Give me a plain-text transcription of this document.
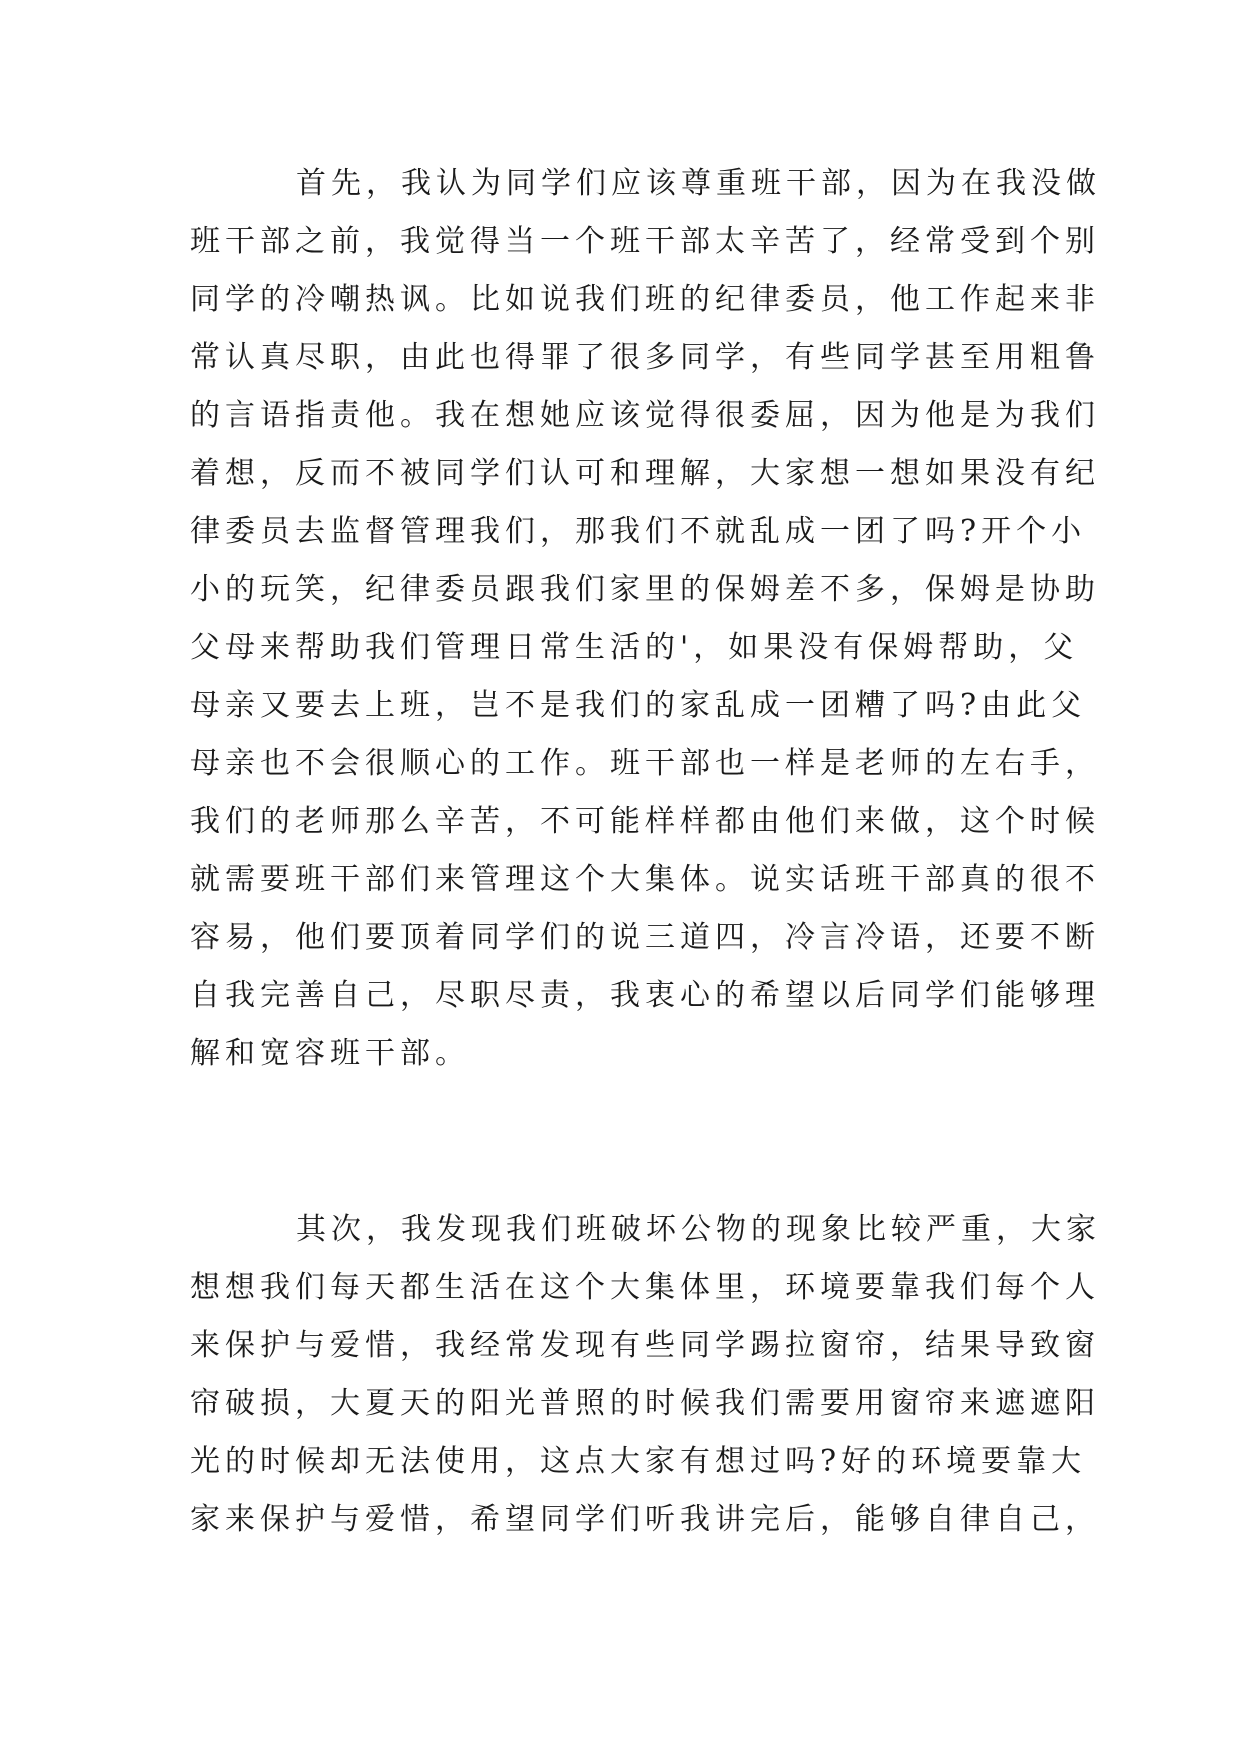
首先，我认为同学们应该尊重班干部，因为在我没做
班干部之前，我觉得当一个班干部太辛苦了，经常受到个别
同学的冷嘲热讽。比如说我们班的纪律委员，他工作起来非
常认真尽职，由此也得罪了很多同学，有些同学甚至用粗鲁
的言语指责他。我在想她应该觉得很委屈，因为他是为我们
着想，反而不被同学们认可和理解，大家想一想如果没有纪
律委员去监督管理我们，那我们不就乱成一团了吗?开个小
小的玩笑，纪律委员跟我们家里的保姆差不多，保姆是协助
父母来帮助我们管理日常生活的'，如果没有保姆帮助，父
母亲又要去上班，岂不是我们的家乱成一团糟了吗?由此父
母亲也不会很顺心的工作。班干部也一样是老师的左右手，
我们的老师那么辛苦，不可能样样都由他们来做，这个时候
就需要班干部们来管理这个大集体。说实话班干部真的很不
容易，他们要顶着同学们的说三道四，冷言冷语，还要不断
自我完善自己，尽职尽责，我衷心的希望以后同学们能够理
解和宽容班干部。
其次，我发现我们班破坏公物的现象比较严重，大家
想想我们每天都生活在这个大集体里，环境要靠我们每个人
来保护与爱惜，我经常发现有些同学踢拉窗帘，结果导致窗
帘破损，大夏天的阳光普照的时候我们需要用窗帘来遮遮阳
光的时候却无法使用，这点大家有想过吗?好的环境要靠大
家来保护与爱惜，希望同学们听我讲完后，能够自律自己，
